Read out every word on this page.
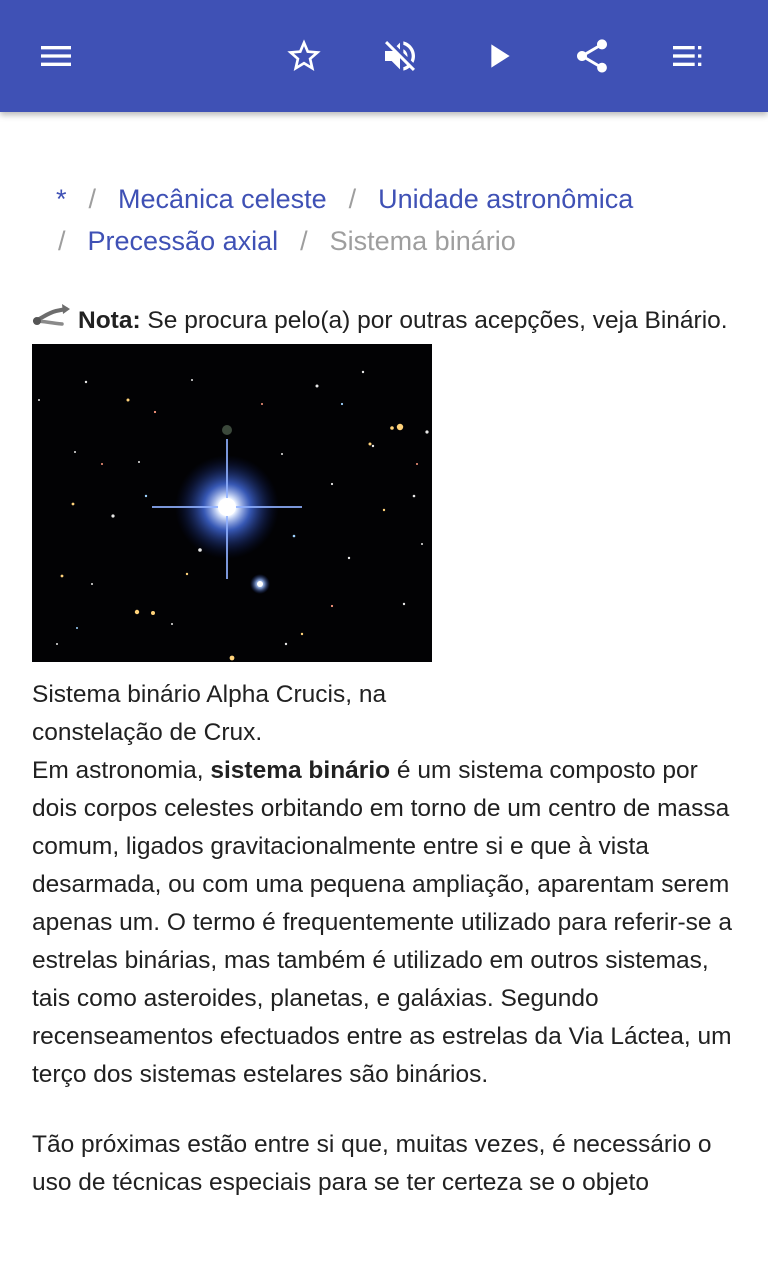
* / Mecânica celeste / Unidade astronômica
/ Precessão axial / Sistema binário
Nota: Se procura pelo(a) por outras acepções, veja Binário.
Sistema binário Alpha Crucis, na constelação de Crux.

Em astronomia, sistema binário é um sistema composto por dois corpos celestes orbitando em torno de um centro de massa comum, ligados gravitacionalmente entre si e que à vista desarmada, ou com uma pequena ampliação, aparentam serem apenas um. O termo é frequentemente utilizado para referir-se a estrelas binárias, mas também é utilizado em outros sistemas, tais como asteroides, planetas, e galáxias. Segundo recenseamentos efectuados entre as estrelas da Via Láctea, um terço dos sistemas estelares são binários.

Tão próximas estão entre si que, muitas vezes, é necessário o uso de técnicas especiais para se ter certeza se o objeto
